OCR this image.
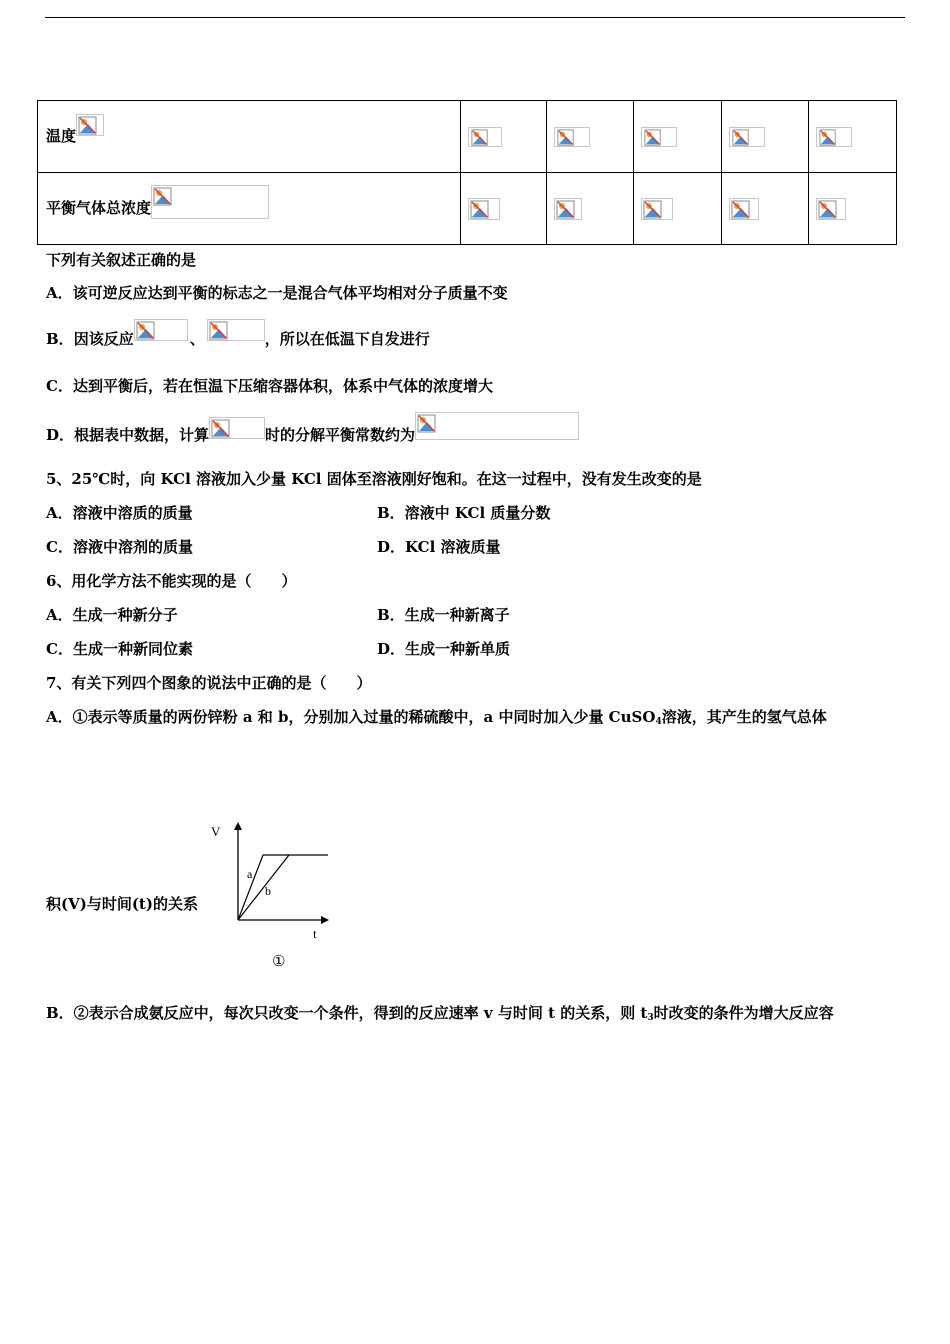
温度

平衡气体总浓度

下列有关叙述正确的是
A．该可逆反应达到平衡的标志之一是混合气体平均相对分子质量不变
B．因该反应	、	，所以在低温下自发进行
C．达到平衡后，若在恒温下压缩容器体积，体系中气体的浓度增大
D．根据表中数据，计算	时的分解平衡常数约为
5、25℃时，向 KCl 溶液加入少量 KCl 固体至溶液刚好饱和。在这一过程中，没有发生改变的是
A．溶液中溶质的质量	B．溶液中 KCl 质量分数
C．溶液中溶剂的质量	D．KCl 溶液质量
6、用化学方法不能实现的是（　　）
A．生成一种新分子	B．生成一种新离子
C．生成一种新同位素	D．生成一种新单质
7、有关下列四个图象的说法中正确的是（　　）
A．①表示等质量的两份锌粉 a 和 b，分别加入过量的稀硫酸中，a 中同时加入少量 CuSO$_4$溶液，其产生的氢气总体
积(V)与时间(t)的关系
V
t
a
b
①
B．②表示合成氨反应中，每次只改变一个条件，得到的反应速率 v 与时间 t 的关系，则 $t_3$时改变的条件为增大反应容
